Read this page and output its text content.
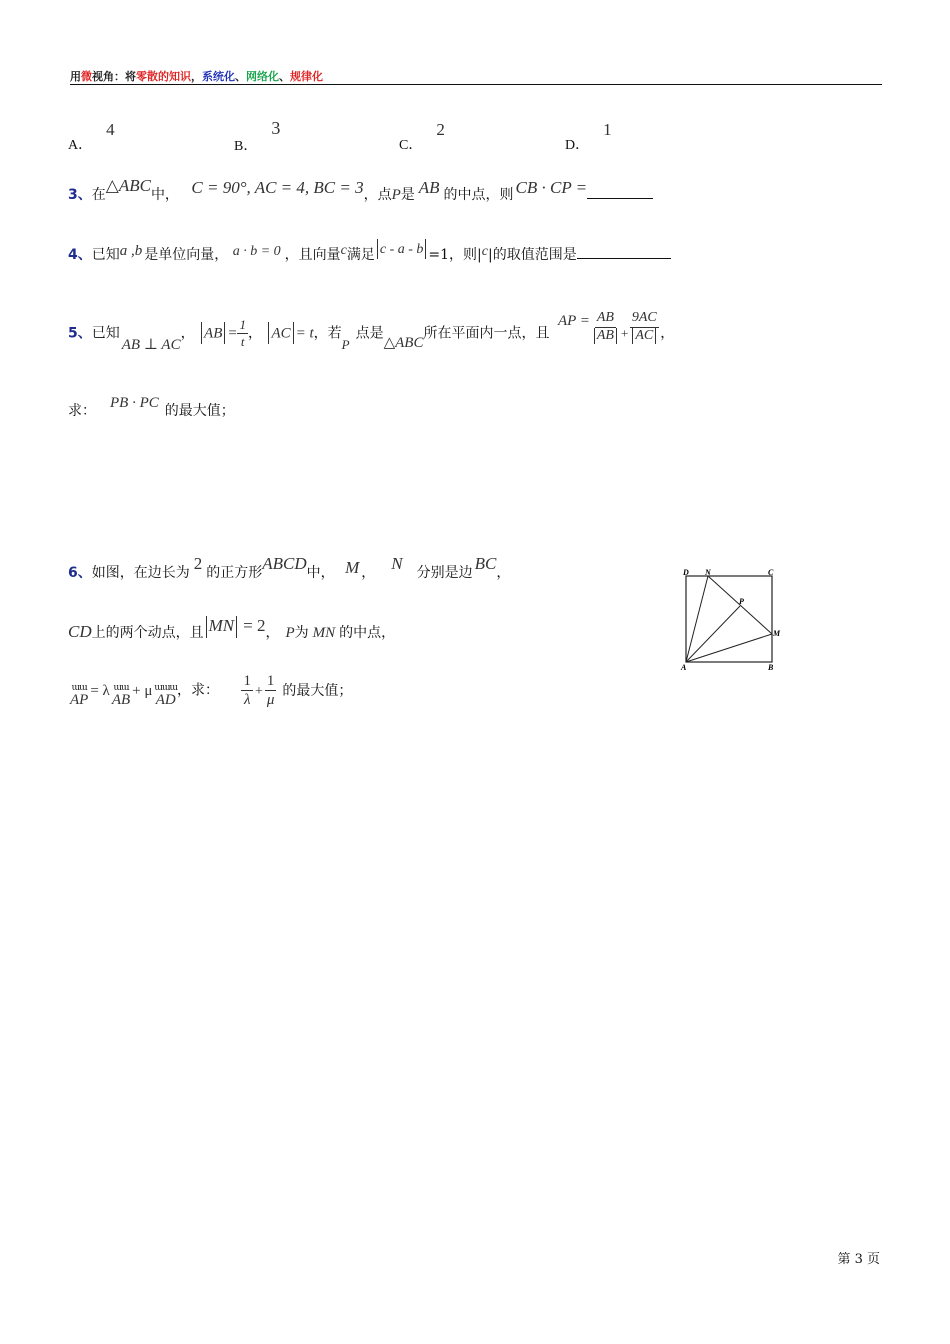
用微视角：将零散的知识，系统化、网络化、规律化
A．4
B．3
C．2
D．1
3、在△ABC中， C = 90°, AC = 4, BC = 3，点P是 AB 的中点，则 CB · CP =
4、已知a ,b 是单位向量， a · b = 0 ，且向量c满足 c - a - b =1，则|c|的取值范围是
5、已知AB ⊥ AC， AB = $\frac{1}{t}$ ， AC = t，若P点是△ABC所在平面内一点，且 AP = $\frac{AB}{AB} + \frac{9AC}{AC}$ ，
求： PB · PC 的最大值；
6、如图，在边长为 2 的正方形ABCD中， M ， N 分别是边 BC，
CD上的两个动点，且 MN = 2， P为 MN 的中点，
ɯɯ
AP
= λ ɯɯ
AB
+ μ ɯɯɯ
AD
，求： $\frac{1}{\lambda} + \frac{1}{\mu}$ 的最大值；
D N	C
P
M
A	B
第 3 页
